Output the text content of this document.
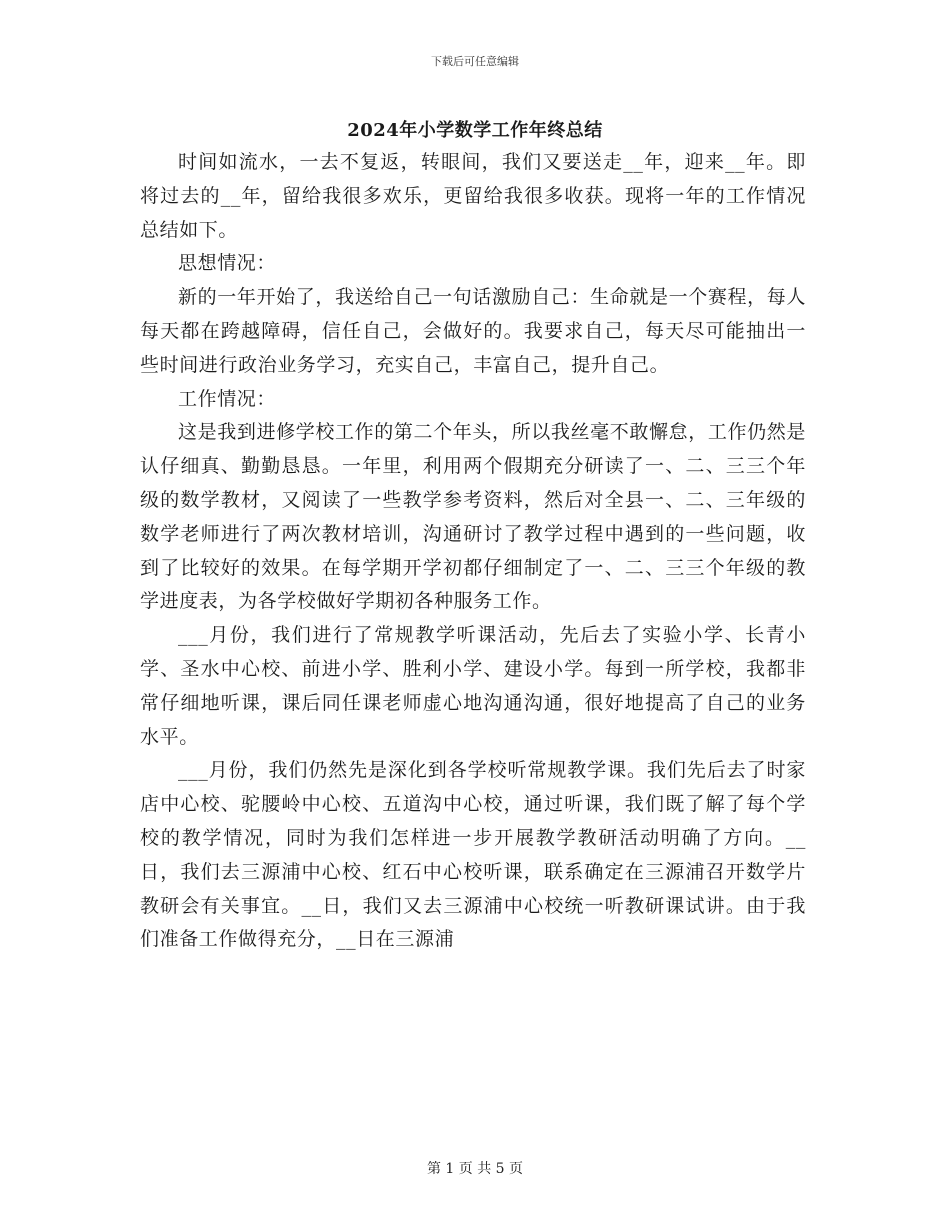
下载后可任意编辑
2024年小学数学工作年终总结

时间如流水，一去不复返，转眼间，我们又要送走__年，迎来__年。即将过去的__年，留给我很多欢乐，更留给我很多收获。现将一年的工作情况总结如下。

思想情况：

新的一年开始了，我送给自己一句话激励自己：生命就是一个赛程，每人每天都在跨越障碍，信任自己，会做好的。我要求自己，每天尽可能抽出一些时间进行政治业务学习，充实自己，丰富自己，提升自己。

工作情况：

这是我到进修学校工作的第二个年头，所以我丝毫不敢懈怠，工作仍然是认仔细真、勤勤恳恳。一年里，利用两个假期充分研读了一、二、三三个年级的数学教材，又阅读了一些教学参考资料，然后对全县一、二、三年级的数学老师进行了两次教材培训，沟通研讨了教学过程中遇到的一些问题，收到了比较好的效果。在每学期开学初都仔细制定了一、二、三三个年级的教学进度表，为各学校做好学期初各种服务工作。

___月份，我们进行了常规教学听课活动，先后去了实验小学、长青小学、圣水中心校、前进小学、胜利小学、建设小学。每到一所学校，我都非常仔细地听课，课后同任课老师虚心地沟通沟通，很好地提高了自己的业务水平。

___月份，我们仍然先是深化到各学校听常规教学课。我们先后去了时家店中心校、驼腰岭中心校、五道沟中心校，通过听课，我们既了解了每个学校的教学情况，同时为我们怎样进一步开展教学教研活动明确了方向。__日，我们去三源浦中心校、红石中心校听课，联系确定在三源浦召开数学片教研会有关事宜。__日，我们又去三源浦中心校统一听教研课试讲。由于我们准备工作做得充分，__日在三源浦

第 1 页 共 5 页
